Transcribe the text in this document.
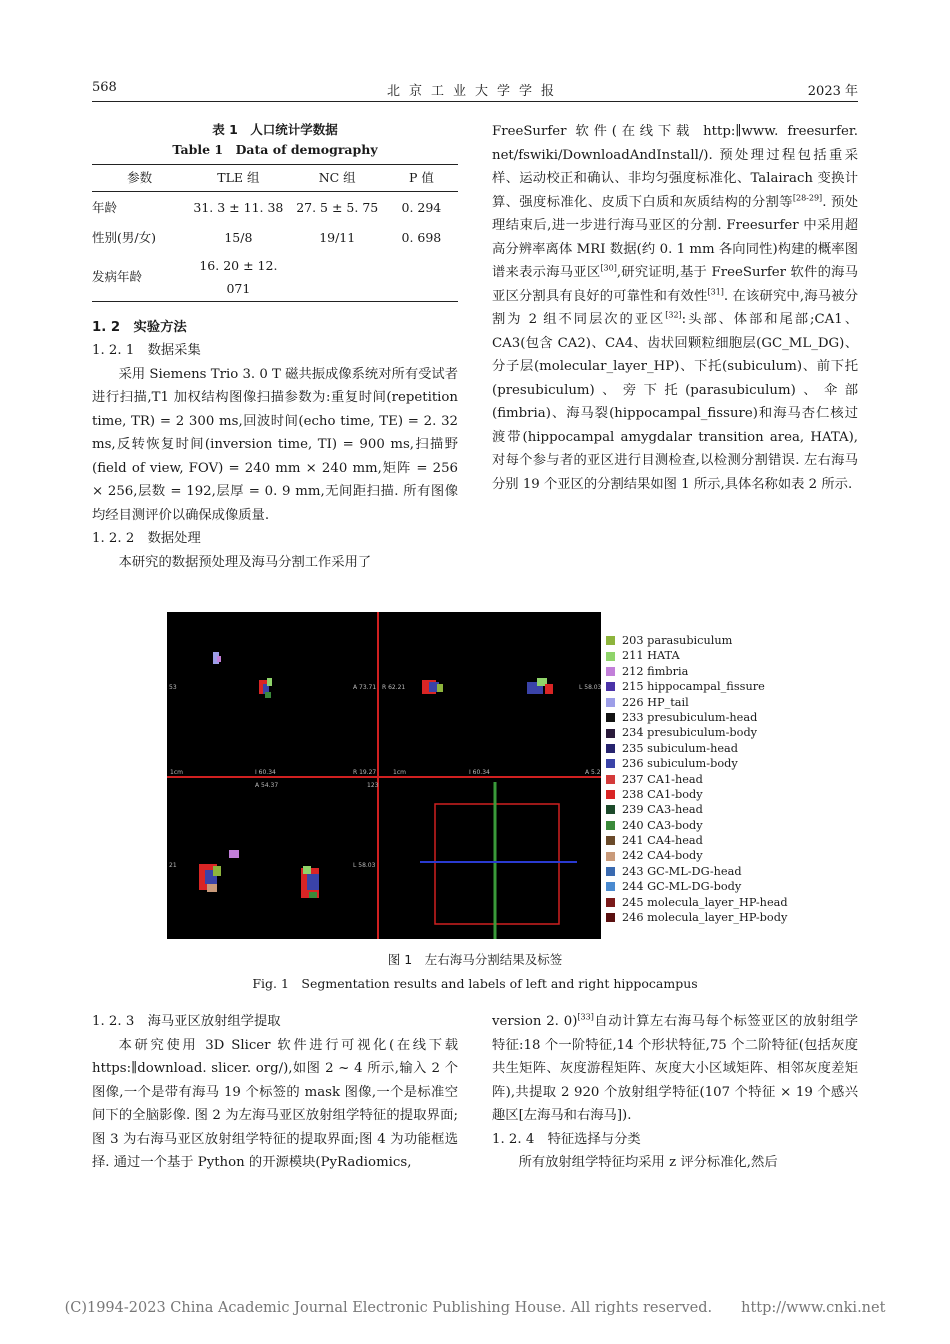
568	北京工业大学学报	2023 年
表 1　人口统计学数据
Table 1　Data of demography
参数	TLE 组	NC 组	P 值
年龄	31. 3 ± 11. 38	27. 5 ± 5. 75	0. 294
性别(男/女)	15/8	19/11	0. 698
发病年龄	16. 20 ± 12. 071		

1. 2　实验方法

1. 2. 1　数据采集

采用 Siemens Trio 3. 0 T 磁共振成像系统对所有受试者进行扫描,T1 加权结构图像扫描参数为:重复时间(repetition time, TR) = 2 300 ms,回波时间(echo time, TE) = 2. 32 ms,反转恢复时间(inversion time, TI) = 900 ms,扫描野(field of view, FOV) = 240 mm × 240 mm,矩阵 = 256 × 256,层数 = 192,层厚 = 0. 9 mm,无间距扫描. 所有图像均经目测评价以确保成像质量.

1. 2. 2　数据处理

本研究的数据预处理及海马分割工作采用了

FreeSurfer 软件(在线下载 http:∥www. freesurfer. net/fswiki/DownloadAndInstall/). 预处理过程包括重采样、运动校正和确认、非均匀强度标准化、Talairach 变换计算、强度标准化、皮质下白质和灰质结构的分割等[28-29]. 预处理结束后,进一步进行海马亚区的分割. Freesurfer 中采用超高分辨率离体 MRI 数据(约 0. 1 mm 各向同性)构建的概率图谱来表示海马亚区[30],研究证明,基于 FreeSurfer 软件的海马亚区分割具有良好的可靠性和有效性[31]. 在该研究中,海马被分割为 2 组不同层次的亚区[32]:头部、体部和尾部;CA1、CA3(包含 CA2)、CA4、齿状回颗粒细胞层(GC_ML_DG)、分子层(molecular_layer_HP)、下托(subiculum)、前下托(presubiculum)、旁下托(parasubiculum)、伞部(fimbria)、海马裂(hippocampal_fissure)和海马杏仁核过渡带(hippocampal amygdalar transition area, HATA),对每个参与者的亚区进行目测检查,以检测分割错误. 左右海马分别 19 个亚区的分割结果如图 1 所示,具体名称如表 2 所示.

53	A 73.71 R 62.21	L 58.03
1cm	I 60.34	R 19.27	1cm	I 60.34	A 5.2
A 54.37	123
21	L 58.03
203 parasubiculum
211 HATA
212 fimbria
215 hippocampal_fissure
226 HP_tail
233 presubiculum-head
234 presubiculum-body
235 subiculum-head
236 subiculum-body
237 CA1-head
238 CA1-body
239 CA3-head
240 CA3-body
241 CA4-head
242 CA4-body
243 GC-ML-DG-head
244 GC-ML-DG-body
245 molecula_layer_HP-head
246 molecula_layer_HP-body
图 1　左右海马分割结果及标签
Fig. 1　Segmentation results and labels of left and right hippocampus

1. 2. 3　海马亚区放射组学提取

本研究使用 3D Slicer 软件进行可视化(在线下载 https:∥download. slicer. org/),如图 2 ~ 4 所示,输入 2 个图像,一个是带有海马 19 个标签的 mask 图像,一个是标准空间下的全脑影像. 图 2 为左海马亚区放射组学特征的提取界面;图 3 为右海马亚区放射组学特征的提取界面;图 4 为功能框选择. 通过一个基于 Python 的开源模块(PyRadiomics,

version 2. 0)[33]自动计算左右海马每个标签亚区的放射组学特征:18 个一阶特征,14 个形状特征,75 个二阶特征(包括灰度共生矩阵、灰度游程矩阵、灰度大小区域矩阵、相邻灰度差矩阵),共提取 2 920 个放射组学特征(107 个特征 × 19 个感兴趣区[左海马和右海马]).

1. 2. 4　特征选择与分类

所有放射组学特征均采用 z 评分标准化,然后

(C)1994-2023 China Academic Journal Electronic Publishing House. All rights reserved.　　http://www.cnki.net
